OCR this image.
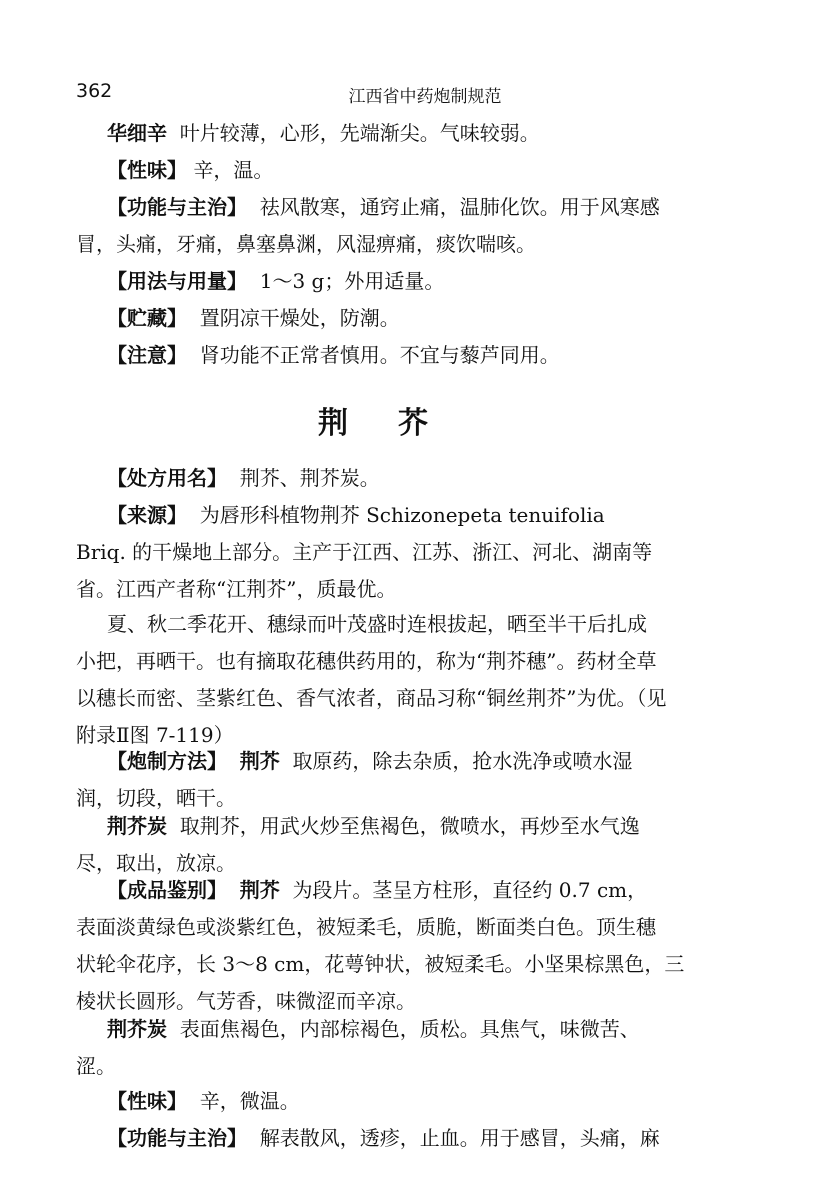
362	江西省中药炮制规范
华细辛 叶片较薄，心形，先端渐尖。气味较弱。
【性味】 辛，温。
【功能与主治】 祛风散寒，通窍止痛，温肺化饮。用于风寒感
冒，头痛，牙痛，鼻塞鼻渊，风湿痹痛，痰饮喘咳。
【用法与用量】 1～3 g；外用适量。
【贮藏】 置阴凉干燥处，防潮。
【注意】 肾功能不正常者慎用。不宜与藜芦同用。
荆芥
【处方用名】 荆芥、荆芥炭。
【来源】 为唇形科植物荆芥 Schizonepeta tenuifolia
Briq. 的干燥地上部分。主产于江西、江苏、浙江、河北、湖南等
省。江西产者称“江荆芥”，质最优。
夏、秋二季花开、穗绿而叶茂盛时连根拔起，晒至半干后扎成
小把，再晒干。也有摘取花穗供药用的，称为“荆芥穗”。药材全草
以穗长而密、茎紫红色、香气浓者，商品习称“铜丝荆芥”为优。（见
附录Ⅱ图 7-119）
【炮制方法】 荆芥 取原药，除去杂质，抢水洗净或喷水湿
润，切段，晒干。
荆芥炭 取荆芥，用武火炒至焦褐色，微喷水，再炒至水气逸
尽，取出，放凉。
【成品鉴别】 荆芥 为段片。茎呈方柱形，直径约 0.7 cm，
表面淡黄绿色或淡紫红色，被短柔毛，质脆，断面类白色。顶生穗
状轮伞花序，长 3～8 cm，花萼钟状，被短柔毛。小坚果棕黑色，三
棱状长圆形。气芳香，味微涩而辛凉。
荆芥炭 表面焦褐色，内部棕褐色，质松。具焦气，味微苦、
涩。
【性味】 辛，微温。
【功能与主治】 解表散风，透疹，止血。用于感冒，头痛，麻
